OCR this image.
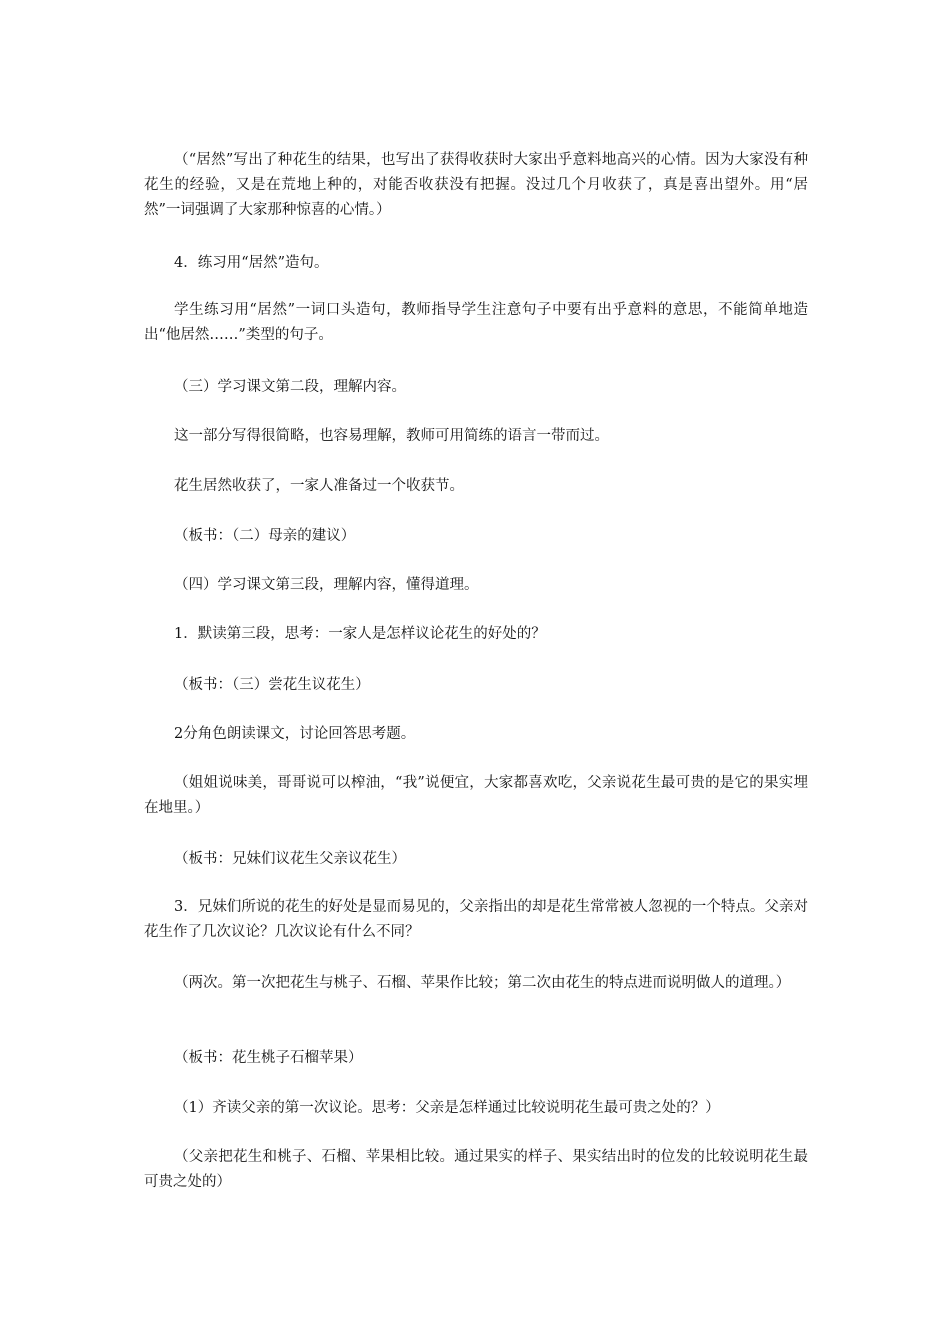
（“居然”写出了种花生的结果，也写出了获得收获时大家出乎意料地高兴的心情。因为大家没有种花生的经验，又是在荒地上种的，对能否收获没有把握。没过几个月收获了，真是喜出望外。用“居然”一词强调了大家那种惊喜的心情。）

4．练习用“居然”造句。

学生练习用“居然”一词口头造句，教师指导学生注意句子中要有出乎意料的意思，不能简单地造出“他居然……”类型的句子。

（三）学习课文第二段，理解内容。

这一部分写得很简略，也容易理解，教师可用简练的语言一带而过。

花生居然收获了，一家人准备过一个收获节。

（板书：（二）母亲的建议）

（四）学习课文第三段，理解内容，懂得道理。

1．默读第三段，思考：一家人是怎样议论花生的好处的？

（板书：（三）尝花生议花生）

2分角色朗读课文，讨论回答思考题。

（姐姐说味美，哥哥说可以榨油，“我”说便宜，大家都喜欢吃，父亲说花生最可贵的是它的果实埋在地里。）

（板书：兄妹们议花生父亲议花生）

3．兄妹们所说的花生的好处是显而易见的，父亲指出的却是花生常常被人忽视的一个特点。父亲对花生作了几次议论？几次议论有什么不同？

（两次。第一次把花生与桃子、石榴、苹果作比较；第二次由花生的特点进而说明做人的道理。）

（板书：花生桃子石榴苹果）

（1）齐读父亲的第一次议论。思考：父亲是怎样通过比较说明花生最可贵之处的？）

（父亲把花生和桃子、石榴、苹果相比较。通过果实的样子、果实结出时的位发的比较说明花生最可贵之处的）
